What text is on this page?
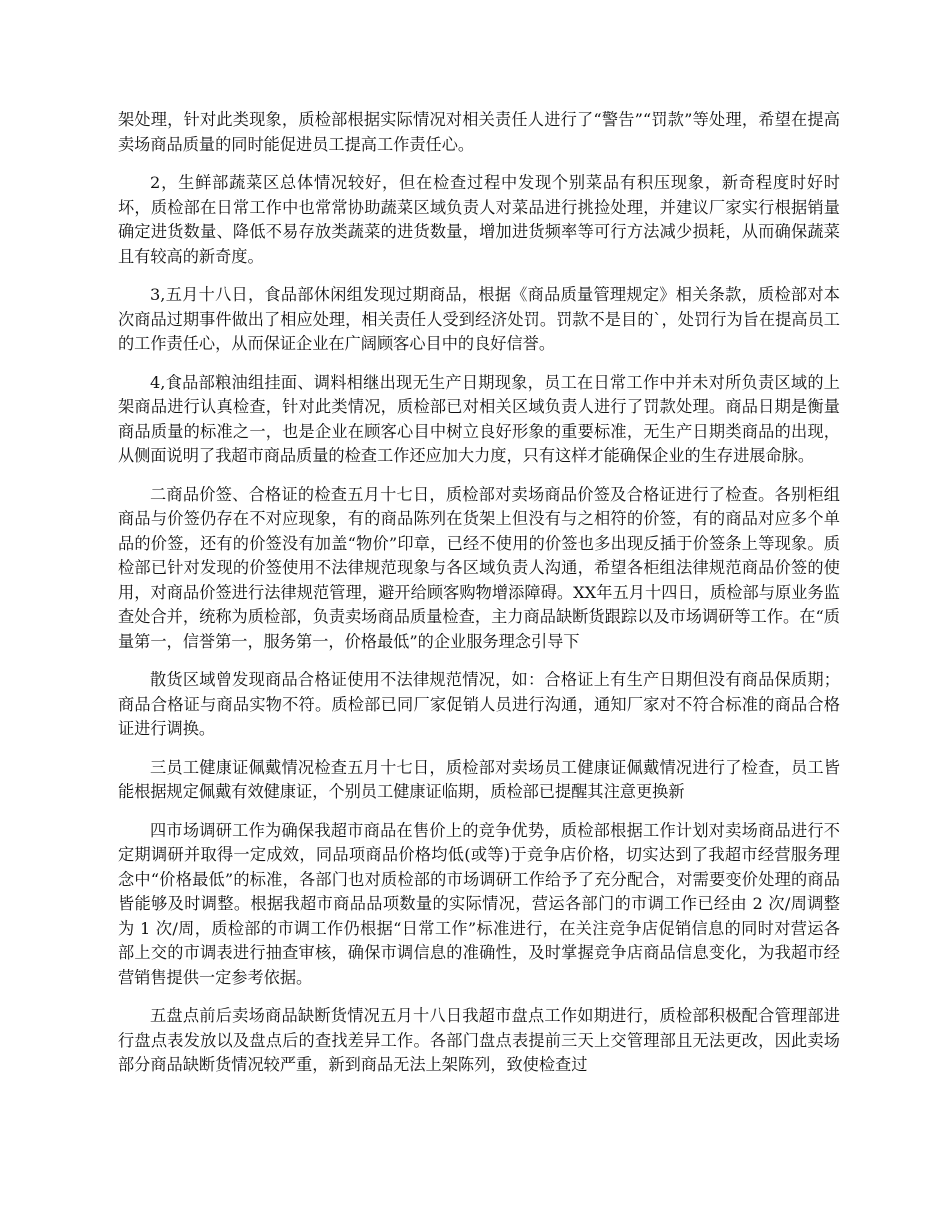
架处理，针对此类现象，质检部根据实际情况对相关责任人进行了“警告”“罚款”等处理，希望在提高卖场商品质量的同时能促进员工提高工作责任心。

2，生鲜部蔬菜区总体情况较好，但在检查过程中发现个别菜品有积压现象，新奇程度时好时坏，质检部在日常工作中也常常协助蔬菜区域负责人对菜品进行挑捡处理，并建议厂家实行根据销量确定进货数量、降低不易存放类蔬菜的进货数量，增加进货频率等可行方法减少损耗，从而确保蔬菜且有较高的新奇度。

3,五月十八日，食品部休闲组发现过期商品，根据《商品质量管理规定》相关条款，质检部对本次商品过期事件做出了相应处理，相关责任人受到经济处罚。罚款不是目的`，处罚行为旨在提高员工的工作责任心，从而保证企业在广阔顾客心目中的良好信誉。

4,食品部粮油组挂面、调料相继出现无生产日期现象，员工在日常工作中并未对所负责区域的上架商品进行认真检查，针对此类情况，质检部已对相关区域负责人进行了罚款处理。商品日期是衡量商品质量的标准之一，也是企业在顾客心目中树立良好形象的重要标准，无生产日期类商品的出现，从侧面说明了我超市商品质量的检查工作还应加大力度，只有这样才能确保企业的生存进展命脉。

二商品价签、合格证的检查五月十七日，质检部对卖场商品价签及合格证进行了检查。各别柜组商品与价签仍存在不对应现象，有的商品陈列在货架上但没有与之相符的价签，有的商品对应多个单品的价签，还有的价签没有加盖“物价”印章，已经不使用的价签也多出现反插于价签条上等现象。质检部已针对发现的价签使用不法律规范现象与各区域负责人沟通，希望各柜组法律规范商品价签的使用，对商品价签进行法律规范管理，避开给顾客购物增添障碍。XX年五月十四日，质检部与原业务监查处合并，统称为质检部，负责卖场商品质量检查，主力商品缺断货跟踪以及市场调研等工作。在“质量第一，信誉第一，服务第一，价格最低”的企业服务理念引导下

散货区域曾发现商品合格证使用不法律规范情况，如：合格证上有生产日期但没有商品保质期；商品合格证与商品实物不符。质检部已同厂家促销人员进行沟通，通知厂家对不符合标准的商品合格证进行调换。

三员工健康证佩戴情况检查五月十七日，质检部对卖场员工健康证佩戴情况进行了检查，员工皆能根据规定佩戴有效健康证，个别员工健康证临期，质检部已提醒其注意更换新

四市场调研工作为确保我超市商品在售价上的竞争优势，质检部根据工作计划对卖场商品进行不定期调研并取得一定成效，同品项商品价格均低(或等)于竞争店价格，切实达到了我超市经营服务理念中“价格最低”的标准，各部门也对质检部的市场调研工作给予了充分配合，对需要变价处理的商品皆能够及时调整。根据我超市商品品项数量的实际情况，营运各部门的市调工作已经由 2 次/周调整为 1 次/周，质检部的市调工作仍根据“日常工作”标准进行，在关注竞争店促销信息的同时对营运各部上交的市调表进行抽查审核，确保市调信息的准确性，及时掌握竞争店商品信息变化，为我超市经营销售提供一定参考依据。

五盘点前后卖场商品缺断货情况五月十八日我超市盘点工作如期进行，质检部积极配合管理部进行盘点表发放以及盘点后的查找差异工作。各部门盘点表提前三天上交管理部且无法更改，因此卖场部分商品缺断货情况较严重，新到商品无法上架陈列，致使检查过
